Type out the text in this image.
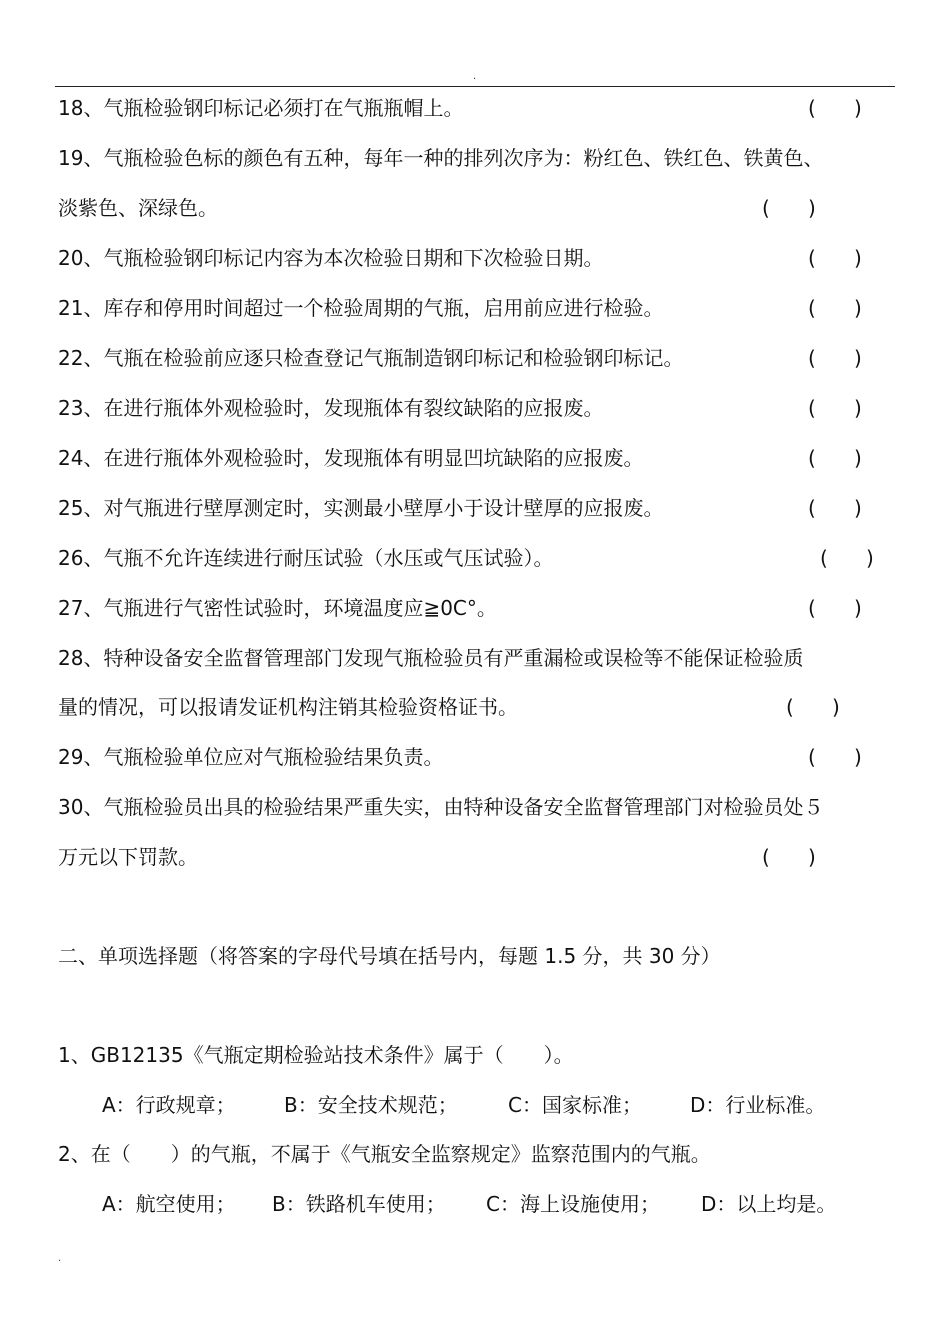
.
18、气瓶检验钢印标记必须打在气瓶瓶帽上。	(      )
19、气瓶检验色标的颜色有五种，每年一种的排列次序为：粉红色、铁红色、铁黄色、
淡紫色、深绿色。	(      )
20、气瓶检验钢印标记内容为本次检验日期和下次检验日期。	(      )
21、库存和停用时间超过一个检验周期的气瓶，启用前应进行检验。	(      )
22、气瓶在检验前应逐只检查登记气瓶制造钢印标记和检验钢印标记。	(      )
23、在进行瓶体外观检验时，发现瓶体有裂纹缺陷的应报废。	(      )
24、在进行瓶体外观检验时，发现瓶体有明显凹坑缺陷的应报废。	(      )
25、对气瓶进行壁厚测定时，实测最小壁厚小于设计壁厚的应报废。	(      )
26、气瓶不允许连续进行耐压试验（水压或气压试验）。	(      )
27、气瓶进行气密性试验时，环境温度应≧0C°。	(      )
28、特种设备安全监督管理部门发现气瓶检验员有严重漏检或误检等不能保证检验质
量的情况，可以报请发证机构注销其检验资格证书。	(      )
29、气瓶检验单位应对气瓶检验结果负责。	(      )
30、气瓶检验员出具的检验结果严重失实，由特种设备安全监督管理部门对检验员处５
万元以下罚款。	(      )
二、单项选择题（将答案的字母代号填在括号内，每题 1.5 分，共 30 分）
1、GB12135《气瓶定期检验站技术条件》属于（　　）。
A：行政规章； B：安全技术规范；	C：国家标准； D：行业标准。
2、在（　　）的气瓶，不属于《气瓶安全监察规定》监察范围内的气瓶。
A：航空使用； B：铁路机车使用； C：海上设施使用； D：以上均是。
.
